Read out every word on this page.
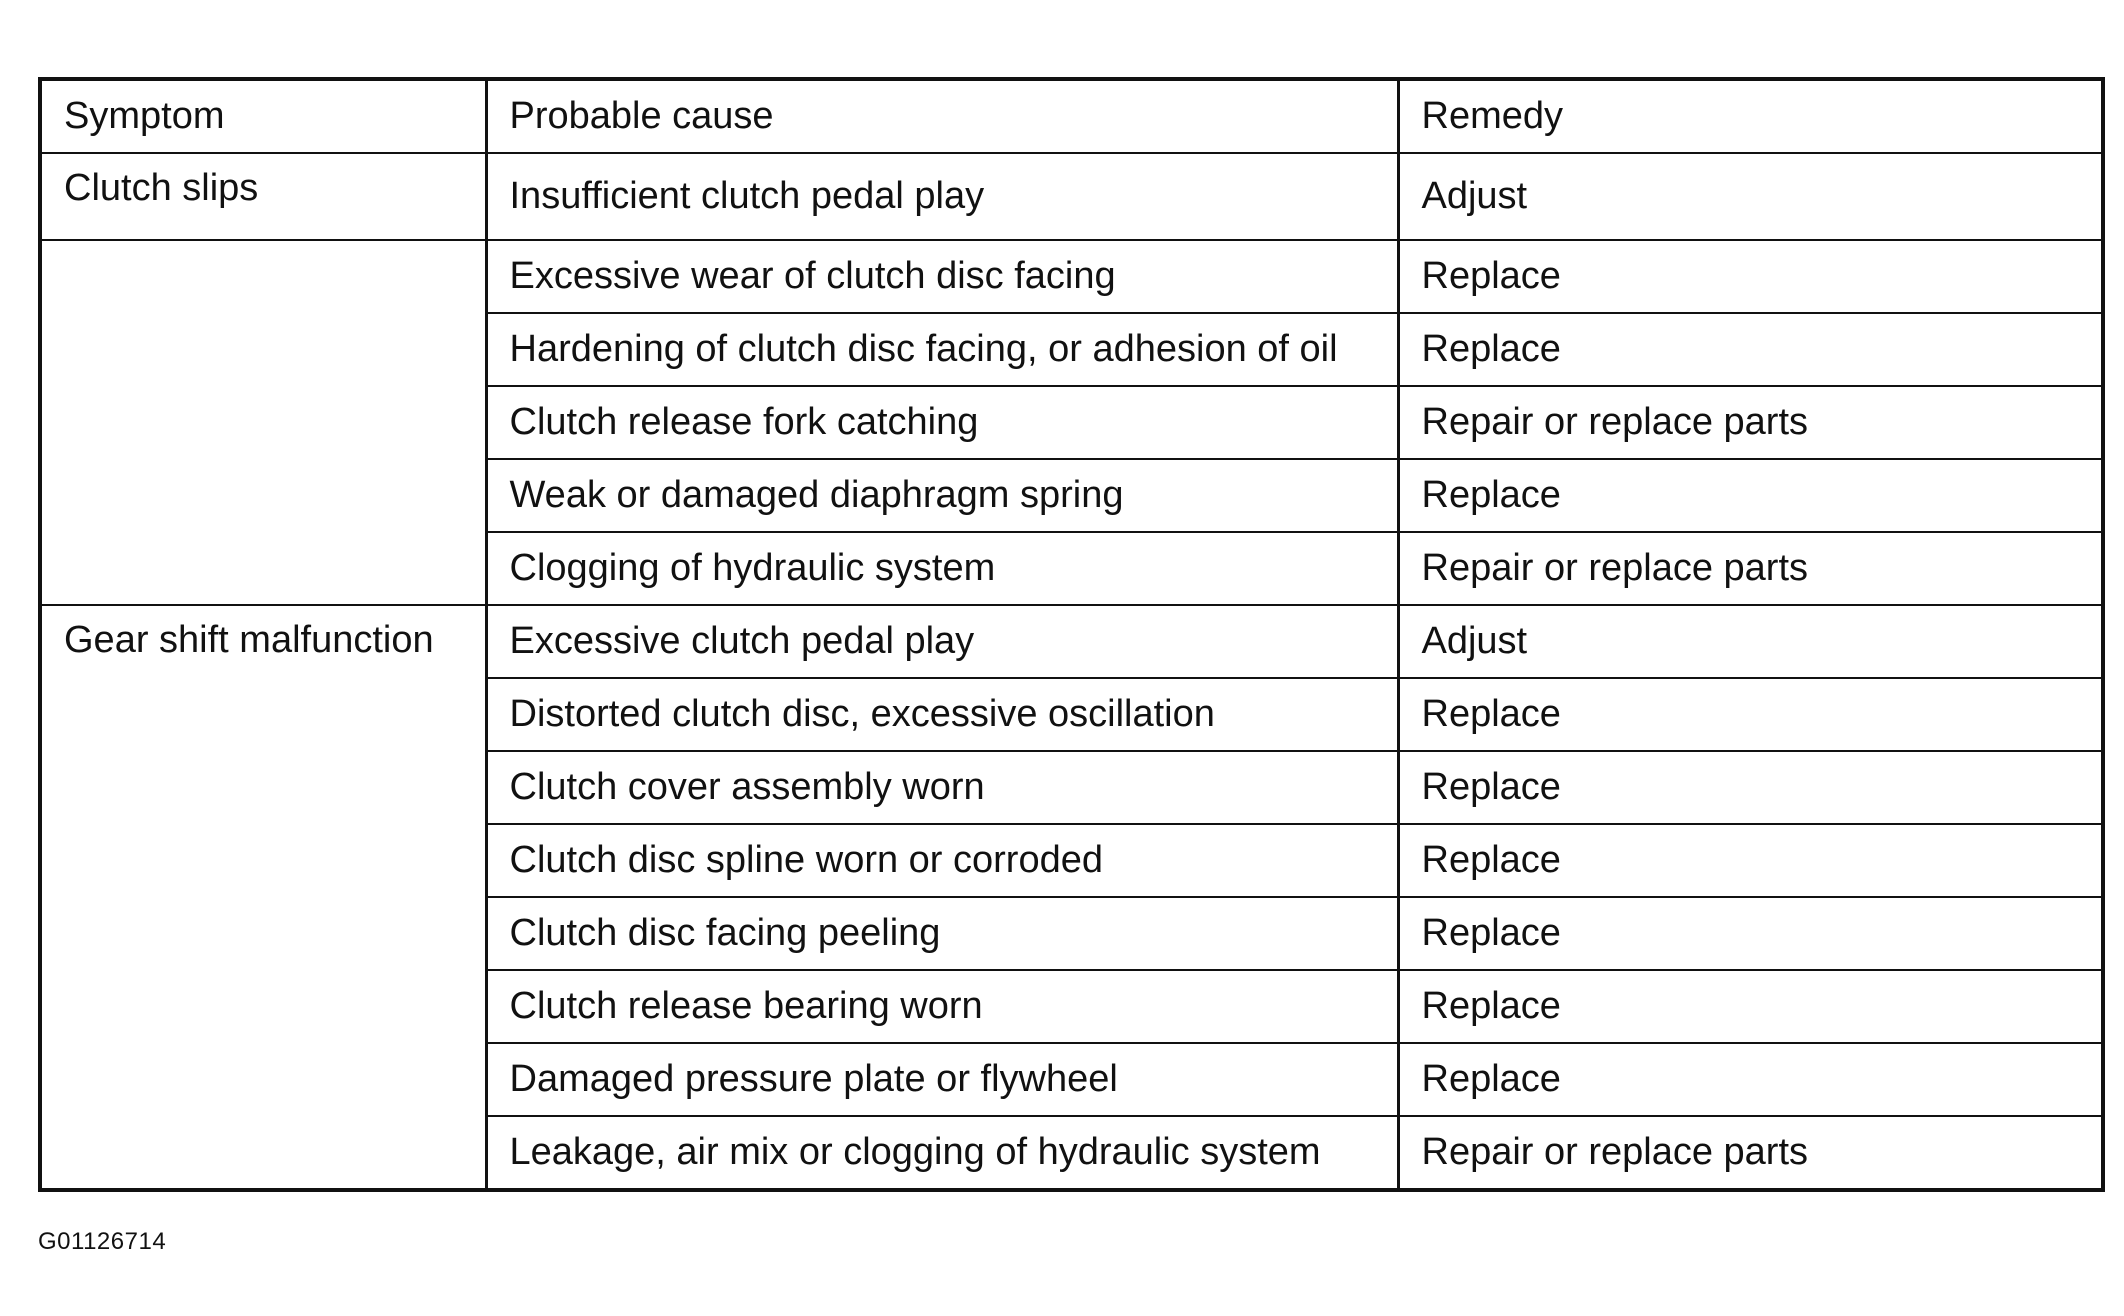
Symptom	Probable cause	Remedy
Clutch slips	Insufficient clutch pedal play	Adjust
	Excessive wear of clutch disc facing	Replace
	Hardening of clutch disc facing, or adhesion of oil	Replace
	Clutch release fork catching	Repair or replace parts
	Weak or damaged diaphragm spring	Replace
	Clogging of hydraulic system	Repair or replace parts
Gear shift malfunction	Excessive clutch pedal play	Adjust
	Distorted clutch disc, excessive oscillation	Replace
	Clutch cover assembly worn	Replace
	Clutch disc spline worn or corroded	Replace
	Clutch disc facing peeling	Replace
	Clutch release bearing worn	Replace
	Damaged pressure plate or flywheel	Replace
	Leakage, air mix or clogging of hydraulic system	Repair or replace parts
G01126714
